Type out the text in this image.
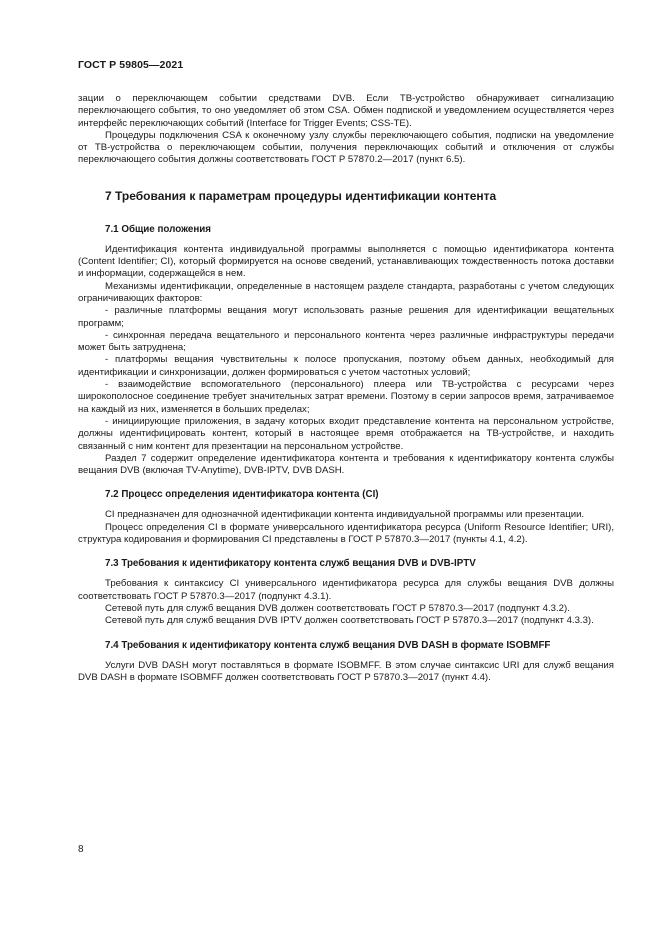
ГОСТ Р 59805—2021

зации о переключающем событии средствами DVB. Если ТВ-устройство обнаруживает сигнализацию переключающего события, то оно уведомляет об этом CSA. Обмен подпиской и уведомлением осуществляется через интерфейс переключающих событий (Interface for Trigger Events; CSS-TE).

Процедуры подключения CSA к оконечному узлу службы переключающего события, подписки на уведомление от ТВ-устройства о переключающем событии, получения переключающих событий и отключения от службы переключающего события должны соответствовать ГОСТ Р 57870.2—2017 (пункт 6.5).

7 Требования к параметрам процедуры идентификации контента
7.1 Общие положения

Идентификация контента индивидуальной программы выполняется с помощью идентификатора контента (Content Identifier; CI), который формируется на основе сведений, устанавливающих тождественность потока доставки и информации, содержащейся в нем.

Механизмы идентификации, определенные в настоящем разделе стандарта, разработаны с учетом следующих ограничивающих факторов:

- различные платформы вещания могут использовать разные решения для идентификации вещательных программ;

- синхронная передача вещательного и персонального контента через различные инфраструктуры передачи может быть затруднена;

- платформы вещания чувствительны к полосе пропускания, поэтому объем данных, необходимый для идентификации и синхронизации, должен формироваться с учетом частотных условий;

- взаимодействие вспомогательного (персонального) плеера или ТВ-устройства с ресурсами через широкополосное соединение требует значительных затрат времени. Поэтому в серии запросов время, затрачиваемое на каждый из них, изменяется в больших пределах;

- инициирующие приложения, в задачу которых входит представление контента на персональном устройстве, должны идентифицировать контент, который в настоящее время отображается на ТВ-устройстве, и находить связанный с ним контент для презентации на персональном устройстве.

Раздел 7 содержит определение идентификатора контента и требования к идентификатору контента службы вещания DVB (включая TV-Anytime), DVB-IPTV, DVB DASH.

7.2 Процесс определения идентификатора контента (CI)

CI предназначен для однозначной идентификации контента индивидуальной программы или презентации.

Процесс определения CI в формате универсального идентификатора ресурса (Uniform Resource Identifier; URI), структура кодирования и формирования CI представлены в ГОСТ Р 57870.3—2017 (пункты 4.1, 4.2).

7.3 Требования к идентификатору контента служб вещания DVB и DVB-IPTV

Требования к синтаксису CI универсального идентификатора ресурса для службы вещания DVB должны соответствовать ГОСТ Р 57870.3—2017 (подпункт 4.3.1).

Сетевой путь для служб вещания DVB должен соответствовать ГОСТ Р 57870.3—2017 (подпункт 4.3.2).

Сетевой путь для служб вещания DVB IPTV должен соответствовать ГОСТ Р 57870.3—2017 (подпункт 4.3.3).

7.4 Требования к идентификатору контента служб вещания DVB DASH в формате ISOBMFF

Услуги DVB DASH могут поставляться в формате ISOBMFF. В этом случае синтаксис URI для служб вещания DVB DASH в формате ISOBMFF должен соответствовать ГОСТ Р 57870.3—2017 (пункт 4.4).

8
